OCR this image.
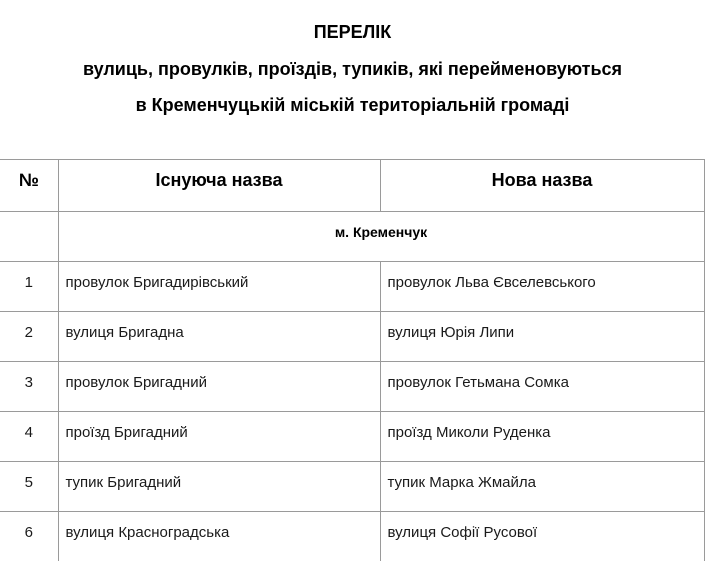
ПЕРЕЛІК
вулиць, провулків, проїздів, тупиків, які перейменовуються
в Кременчуцькій міській територіальній громаді
№	Існуюча назва	Нова назва
	м. Кременчук	
1	провулок Бригадирівський	провулок Льва Євселевського
2	вулиця Бригадна	вулиця Юрія Липи
3	провулок Бригадний	провулок Гетьмана Сомка
4	проїзд Бригадний	проїзд Миколи Руденка
5	тупик Бригадний	тупик Марка Жмайла
6	вулиця Красноградська	вулиця Софії Русової
